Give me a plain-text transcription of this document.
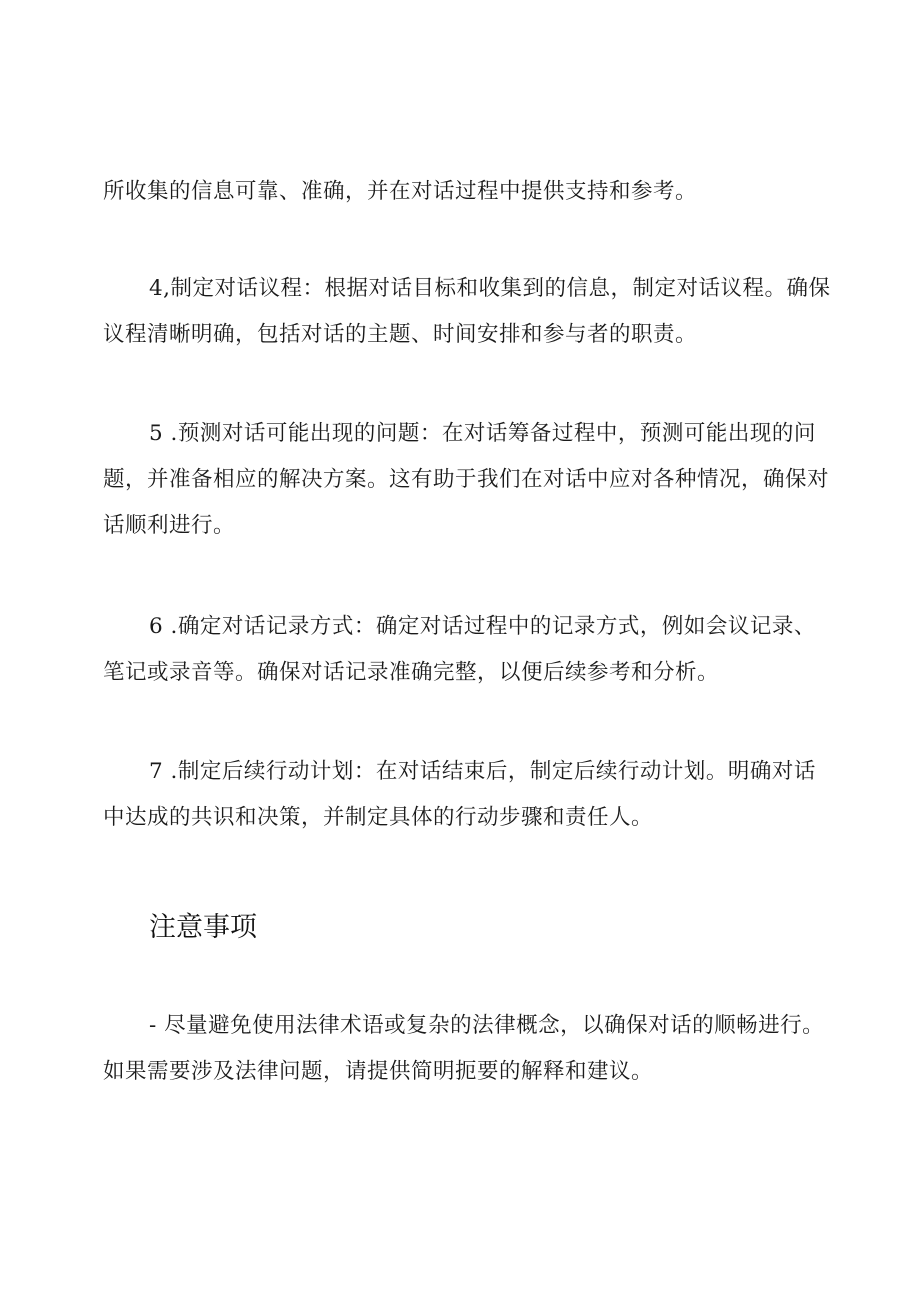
所收集的信息可靠、准确，并在对话过程中提供支持和参考。

4,制定对话议程：根据对话目标和收集到的信息，制定对话议程。确保议程清晰明确，包括对话的主题、时间安排和参与者的职责。

5 .预测对话可能出现的问题：在对话筹备过程中，预测可能出现的问题，并准备相应的解决方案。这有助于我们在对话中应对各种情况，确保对话顺利进行。

6 .确定对话记录方式：确定对话过程中的记录方式，例如会议记录、笔记或录音等。确保对话记录准确完整，以便后续参考和分析。

7 .制定后续行动计划：在对话结束后，制定后续行动计划。明确对话中达成的共识和决策，并制定具体的行动步骤和责任人。

注意事项

- 尽量避免使用法律术语或复杂的法律概念，以确保对话的顺畅进行。如果需要涉及法律问题，请提供简明扼要的解释和建议。
